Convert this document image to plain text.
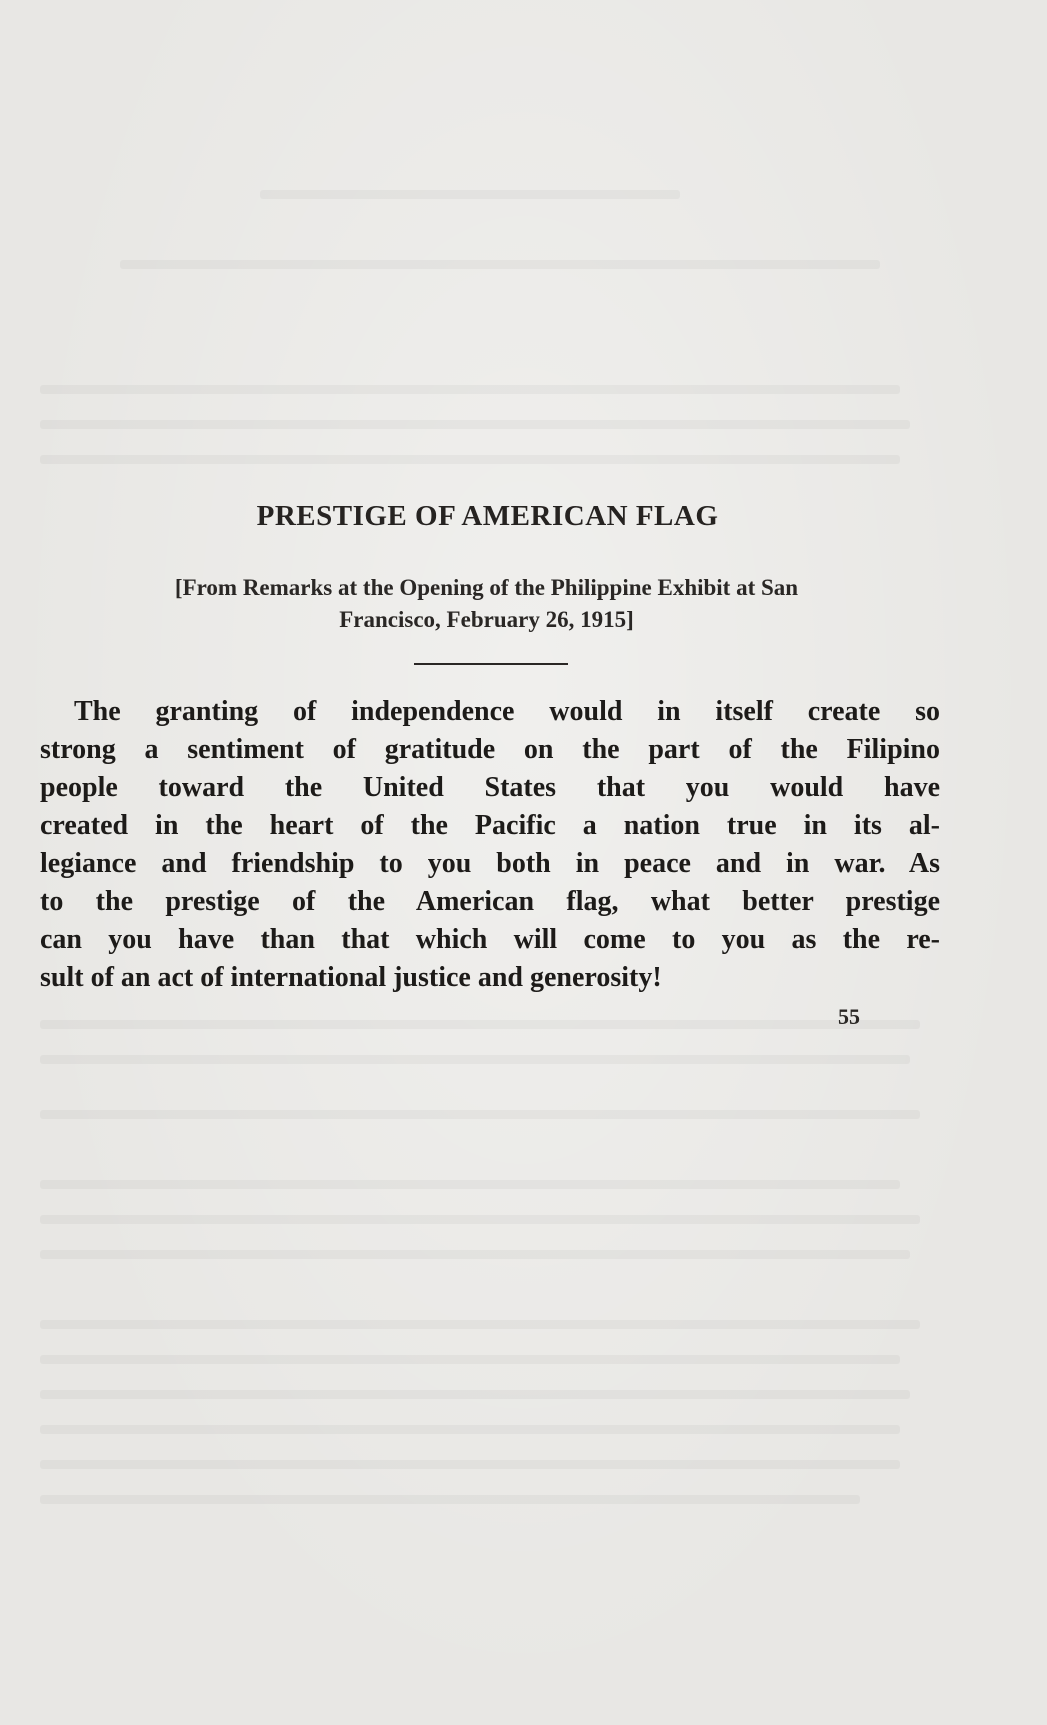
PRESTIGE OF AMERICAN FLAG
[From Remarks at the Opening of the Philippine Exhibit at San
Francisco, February 26, 1915]
The granting of independence would in itself create so
strong a sentiment of gratitude on the part of the Filipino
people toward the United States that you would have
created in the heart of the Pacific a nation true in its al-
legiance and friendship to you both in peace and in war. As
to the prestige of the American flag, what better prestige
can you have than that which will come to you as the re-
sult of an act of international justice and generosity!
55
